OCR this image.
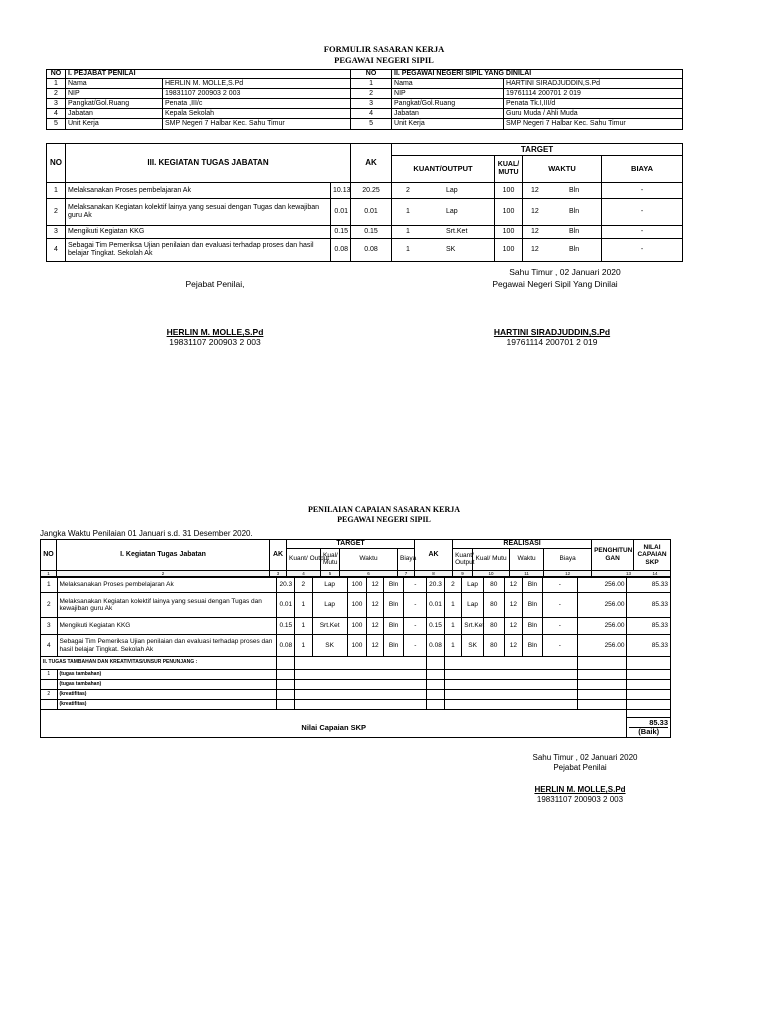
FORMULIR SASARAN KERJA
PEGAWAI NEGERI SIPIL
NO	I. PEJABAT PENILAI		NO	II. PEGAWAI NEGERI SIPIL YANG DINILAI	
1	Nama	HERLIN M. MOLLE,S.Pd	1	Nama	HARTINI SIRADJUDDIN,S.Pd
2	NIP	19831107 200903 2 003	2	NIP	19761114 200701 2 019
3	Pangkat/Gol.Ruang	Penata ,III/c	3	Pangkat/Gol.Ruang	Penata Tk.I,III/d
4	Jabatan	Kepala Sekolah	4	Jabatan	Guru Muda / Ahli Muda
5	Unit Kerja	SMP Negeri 7 Halbar Kec. Sahu Timur	5	Unit Kerja	SMP Negeri 7 Halbar Kec. Sahu Timur
NO	III. KEGIATAN TUGAS JABATAN		AK	TARGET			
				KUANT/OUTPUT	KUAL/ MUTU	WAKTU	BIAYA
1	Melaksanakan Proses pembelajaran Ak	10.13	20.25	2 Lap	100	12 Bln	-
2	Melaksanakan Kegiatan kolektif lainya yang sesuai dengan Tugas dan kewajiban guru Ak	0.01	0.01	1 Lap	100	12 Bln	-
3	Mengikuti Kegiatan KKG	0.15	0.15	1 Srt.Ket	100	12 Bln	-
4	Sebagai Tim Pemeriksa Ujian penilaian dan evaluasi terhadap proses dan hasil belajar Tingkat. Sekolah Ak	0.08	0.08	1 SK	100	12 Bln	-
Sahu Timur , 02 Januari 2020
Pejabat Penilai,	Pegawai Negeri Sipil Yang Dinilai
HERLIN M. MOLLE,S.Pd
19831107 200903 2 003
HARTINI SIRADJUDDIN,S.Pd
19761114 200701 2 019
PENILAIAN CAPAIAN SASARAN KERJA
PEGAWAI NEGERI SIPIL
Jangka Waktu Penilaian 01 Januari s.d. 31 Desember 2020.
NO	I. Kegiatan Tugas Jabatan	AK	TARGET				AK	REALISASI				PENGHITUN GAN	NILAI CAPAIAN SKP
			Kuant/ Output	Kual/ Mutu	Waktu	Biaya		Kuant/ Output	Kual/ Mutu	Waktu	Biaya		
1	2	3	4	5	6	7	8	9	10	11	12	13 14	
1	Melaksanakan Proses pembelajaran Ak	20.3	2	Lap	100	12	Bln	-	20.3	2	Lap	80	12	Bln	-	256.00	85.33
2	Melaksanakan Kegiatan kolektif lainya yang sesuai dengan Tugas dan kewajiban guru Ak	0.01	1	Lap	100	12	Bln	-	0.01	1	Lap	80	12	Bln	-	256.00	85.33
3	Mengikuti Kegiatan KKG	0.15	1	Srt.Ket	100	12	Bln	-	0.15	1	Srt.Ket	80	12	Bln	-	256.00	85.33
4	Sebagai Tim Pemeriksa Ujian penilaian dan evaluasi terhadap proses dan hasil belajar Tingkat. Sekolah Ak	0.08	1	SK	100	12	Bln	-	0.08	1	SK	80	12	Bln	-	256.00	85.33
II. TUGAS TAMBAHAN DAN KREATIVITAS/UNSUR PENUNJANG :																	
1	(tugas tambahan)																
	(tugas tambahan)																
2	(kreatifitas)																
	(kreatifitas)																

Nilai Capaian SKP																	85.33
(Baik)
Sahu Timur , 02 Januari 2020
Pejabat Penilai
HERLIN M. MOLLE,S.Pd
19831107 200903 2 003
